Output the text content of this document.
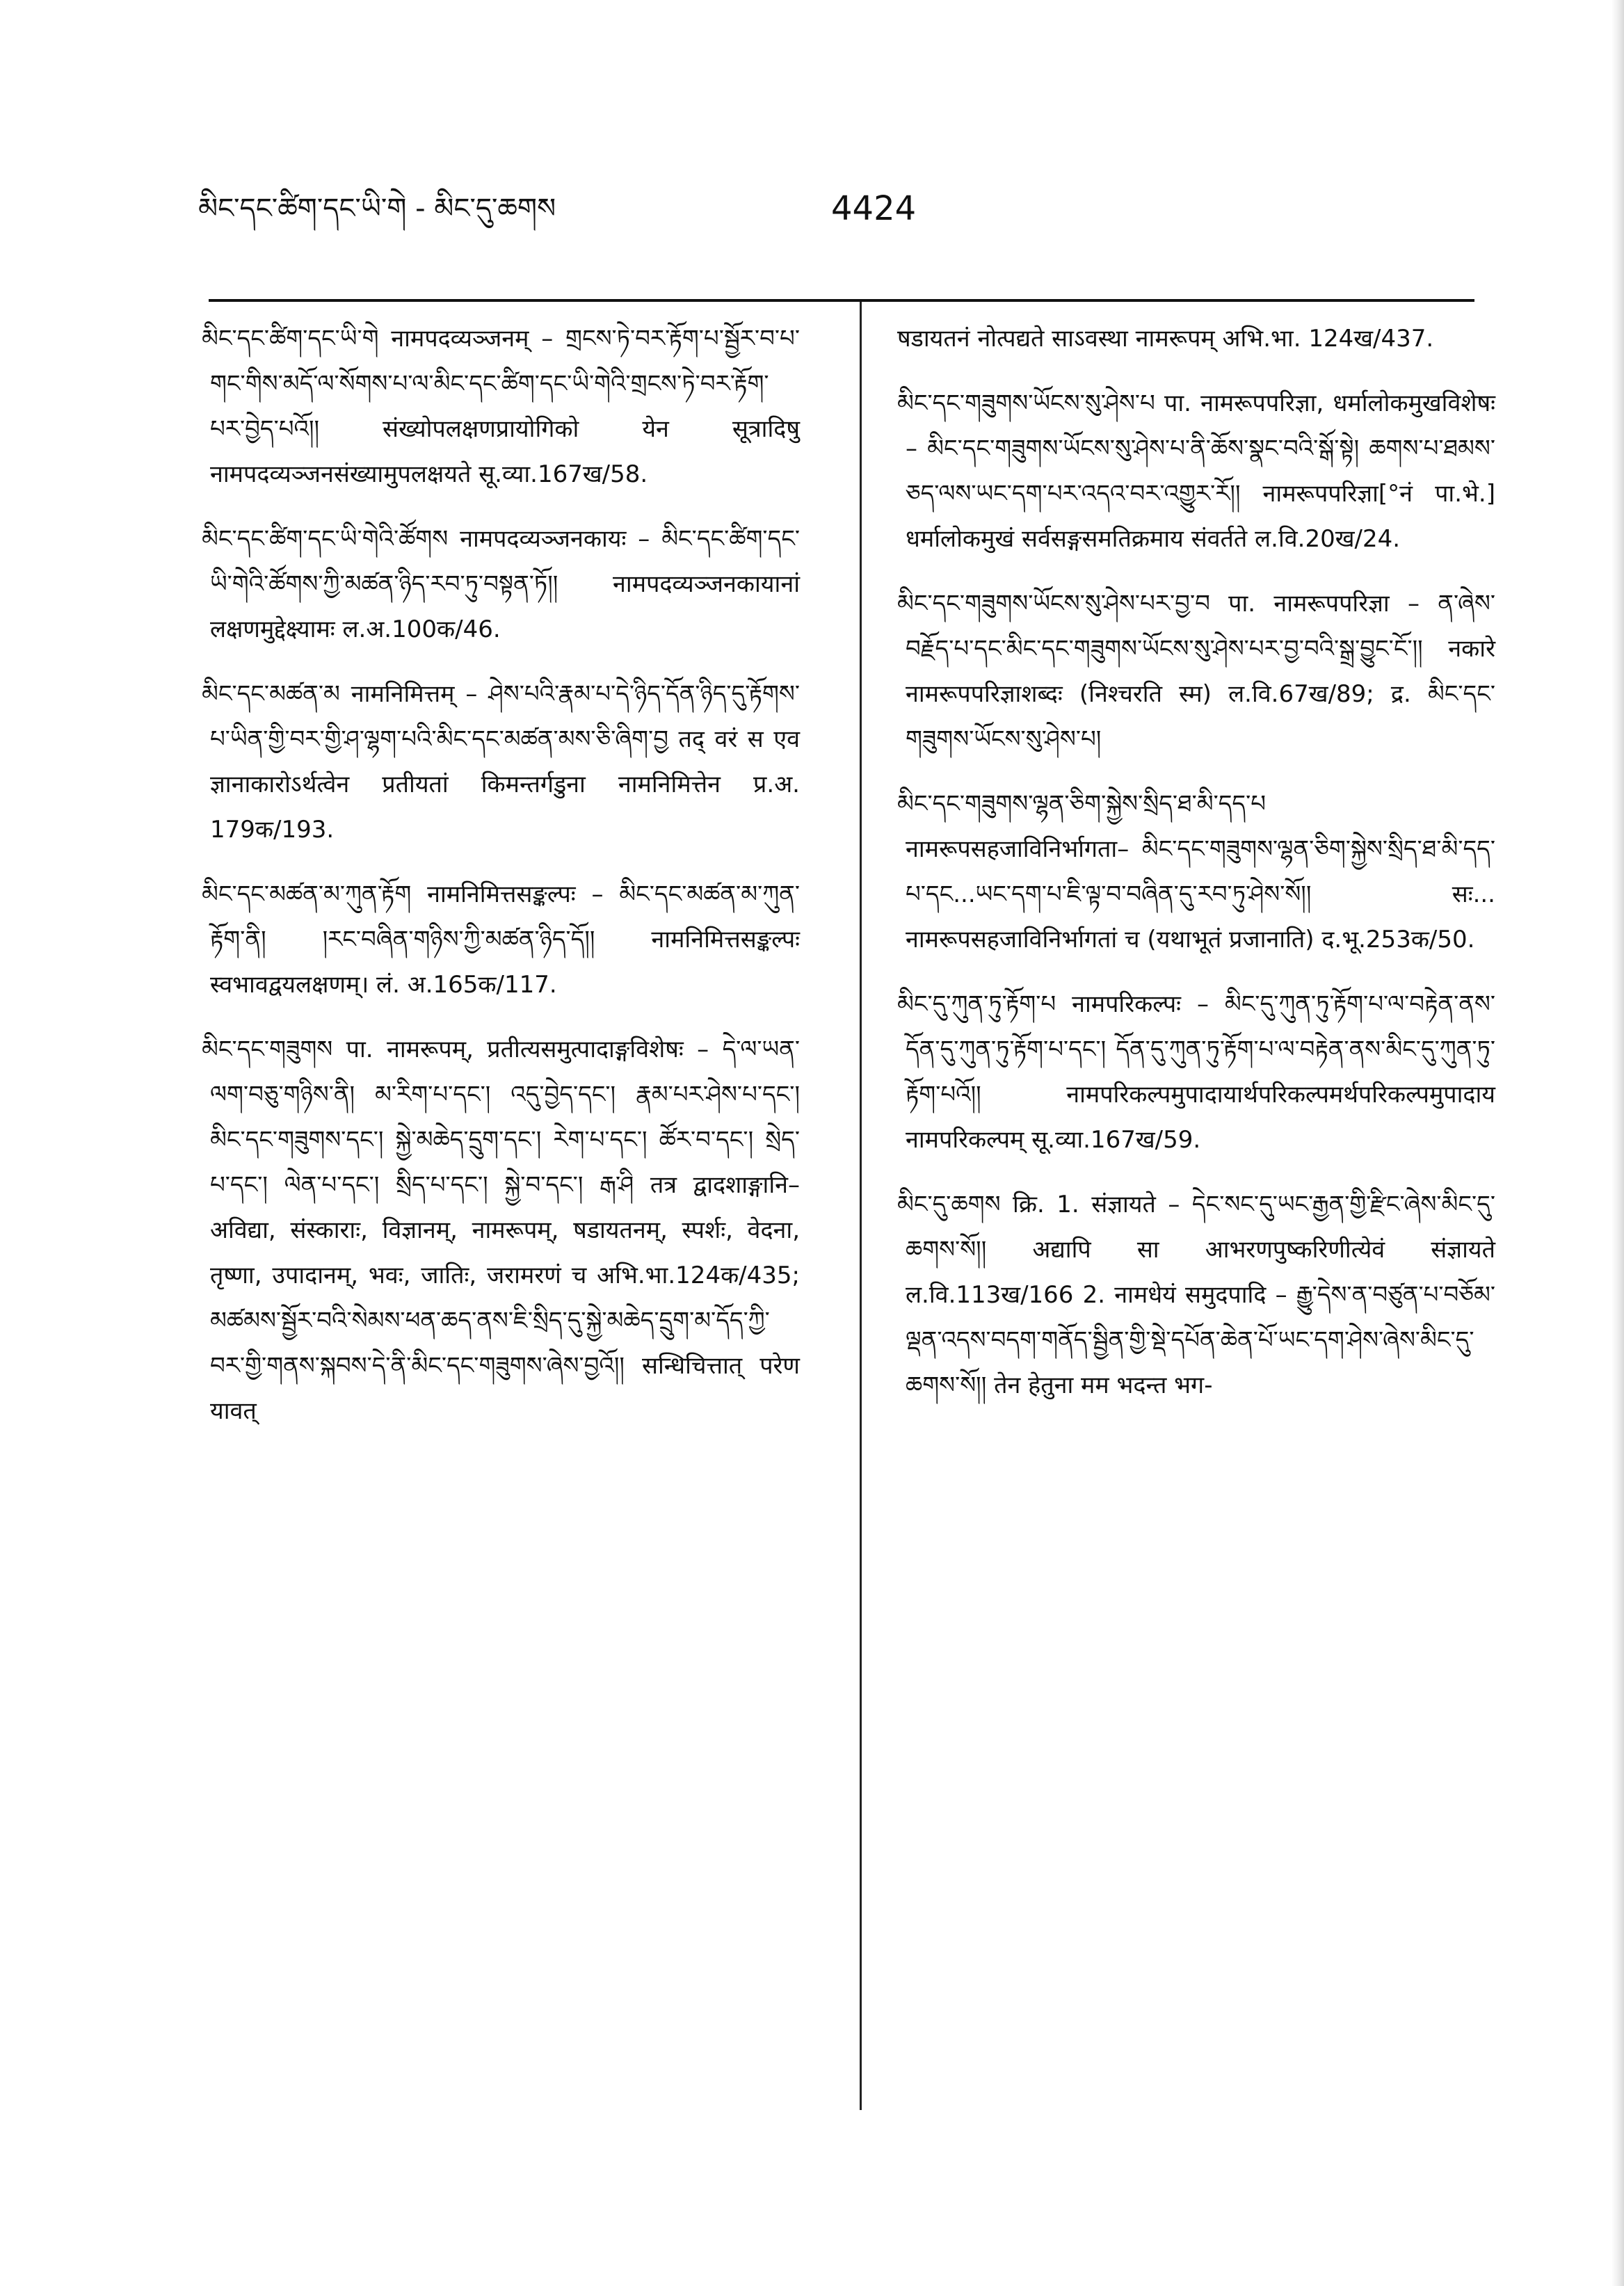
མིང་དང་ཚིག་དང་ཡི་གེ - མིང་དུ་ཆགས	4424

མིང་དང་ཚིག་དང་ཡི་གེ नामपदव्यञ्जनम् – གྲངས་ཏེ་བར་རྟོག་པ་སྦྱོར་བ་པ་གང་གིས་མདོ་ལ་སོགས་པ་ལ་མིང་དང་ཚིག་དང་ཡི་གེའི་གྲངས་ཏེ་བར་རྟོག་པར་བྱེད་པའོ།། संख्योपलक्षणप्रायोगिको येन सूत्रादिषु नामपदव्यञ्जनसंख्यामुपलक्षयते सू.व्या.167ख/58.

མིང་དང་ཚིག་དང་ཡི་གེའི་ཚོགས नामपदव्यञ्जनकायः – མིང་དང་ཚིག་དང་ཡི་གེའི་ཚོགས་ཀྱི་མཚན་ཉིད་རབ་ཏུ་བསྟན་ཏོ།། नामपदव्यञ्जनकायानां लक्षणमुद्देक्ष्यामः ल.अ.100क/46.

མིང་དང་མཚན་མ नामनिमित्तम् – ཤེས་པའི་རྣམ་པ་དེ་ཉིད་དོན་ཉིད་དུ་རྟོགས་པ་ཡིན་གྱི་བར་གྱི་ཤ་ལྷག་པའི་མིང་དང་མཚན་མས་ཅི་ཞིག་བྱ तद् वरं स एव ज्ञानाकारोऽर्थत्वेन प्रतीयतां किमन्तर्गडुना नामनिमित्तेन प्र.अ. 179क/193.

མིང་དང་མཚན་མ་ཀུན་རྟོག नामनिमित्तसङ्कल्पः – མིང་དང་མཚན་མ་ཀུན་རྟོག་ནི། །རང་བཞིན་གཉིས་ཀྱི་མཚན་ཉིད་དོ།། नामनिमित्तसङ्कल्पः स्वभावद्वयलक्षणम्। लं. अ.165क/117.

མིང་དང་གཟུགས पा. नामरूपम्, प्रतीत्यसमुत्पादाङ्गविशेषः – དེ་ལ་ཡན་ལག་བཅུ་གཉིས་ནི། མ་རིག་པ་དང་། འདུ་བྱེད་དང་། རྣམ་པར་ཤེས་པ་དང་། མིང་དང་གཟུགས་དང་། སྐྱེ་མཆེད་དྲུག་དང་། རེག་པ་དང་། ཚོར་བ་དང་། སྲེད་པ་དང་། ལེན་པ་དང་། སྲིད་པ་དང་། སྐྱེ་བ་དང་། རྒ་ཤི तत्र द्वादशाङ्गानि–अविद्या, संस्काराः, विज्ञानम्, नामरूपम्, षडायतनम्, स्पर्शः, वेदना, तृष्णा, उपादानम्, भवः, जातिः, जरामरणं च अभि.भा.124क/435; མཚམས་སྦྱོར་བའི་སེམས་ཕན་ཆད་ནས་ཇི་སྲིད་དུ་སྐྱེ་མཆེད་དྲུག་མ་དོད་ཀྱི་བར་གྱི་གནས་སྐབས་དེ་ནི་མིང་དང་གཟུགས་ཞེས་བྱའོ།། सन्धिचित्तात् परेण यावत्

षडायतनं नोत्पद्यते साऽवस्था नामरूपम् अभि.भा. 124ख/437.

མིང་དང་གཟུགས་ཡོངས་སུ་ཤེས་པ पा. नामरूपपरिज्ञा, धर्मालोकमुखविशेषः – མིང་དང་གཟུགས་ཡོངས་སུ་ཤེས་པ་ནི་ཆོས་སྣང་བའི་སྒོ་སྟེ། ཆགས་པ་ཐམས་ཅད་ལས་ཡང་དག་པར་འདའ་བར་འགྱུར་རོ།། नामरूपपरिज्ञा[°नं पा.भे.] धर्मालोकमुखं सर्वसङ्गसमतिक्रमाय संवर्तते ल.वि.20ख/24.

མིང་དང་གཟུགས་ཡོངས་སུ་ཤེས་པར་བྱ་བ पा. नामरूपपरिज्ञा – ན་ཞེས་བརྗོད་པ་དང་མིང་དང་གཟུགས་ཡོངས་སུ་ཤེས་པར་བྱ་བའི་སྒྲ་བྱུང་ངོ་།། नकारे नामरूपपरिज्ञाशब्दः (निश्चरति स्म) ल.वि.67ख/89; द्र. མིང་དང་གཟུགས་ཡོངས་སུ་ཤེས་པ།

མིང་དང་གཟུགས་ལྷན་ཅིག་སྐྱེས་སྲིད་ཐ་མི་དད་པ नामरूपसहजाविनिर्भागता– མིང་དང་གཟུགས་ལྷན་ཅིག་སྐྱེས་སྲིད་ཐ་མི་དད་པ་དང...ཡང་དག་པ་ཇི་ལྟ་བ་བཞིན་དུ་རབ་ཏུ་ཤེས་སོ།། सः... नामरूपसहजाविनिर्भागतां च (यथाभूतं प्रजानाति) द.भू.253क/50.

མིང་དུ་ཀུན་ཏུ་རྟོག་པ नामपरिकल्पः – མིང་དུ་ཀུན་ཏུ་རྟོག་པ་ལ་བརྟེན་ནས་དོན་དུ་ཀུན་ཏུ་རྟོག་པ་དང་། དོན་དུ་ཀུན་ཏུ་རྟོག་པ་ལ་བརྟེན་ནས་མིང་དུ་ཀུན་ཏུ་རྟོག་པའོ།། नामपरिकल्पमुपादायार्थपरिकल्पमर्थपरिकल्पमुपादाय नामपरिकल्पम् सू.व्या.167ख/59.

མིང་དུ་ཆགས क्रि. 1. संज्ञायते – དེང་སང་དུ་ཡང་རྒྱན་གྱི་རྫིང་ཞེས་མིང་དུ་ཆགས་སོ།། अद्यापि सा आभरणपुष्करिणीत्येवं संज्ञायते ल.वि.113ख/166 2. नामधेयं समुदपादि – རྒྱུ་དེས་ན་བཙུན་པ་བཅོམ་ལྡན་འདས་བདག་གནོད་སྦྱིན་གྱི་སྡེ་དཔོན་ཆེན་པོ་ཡང་དག་ཤེས་ཞེས་མིང་དུ་ཆགས་སོ།། तेन हेतुना मम भदन्त भग-
